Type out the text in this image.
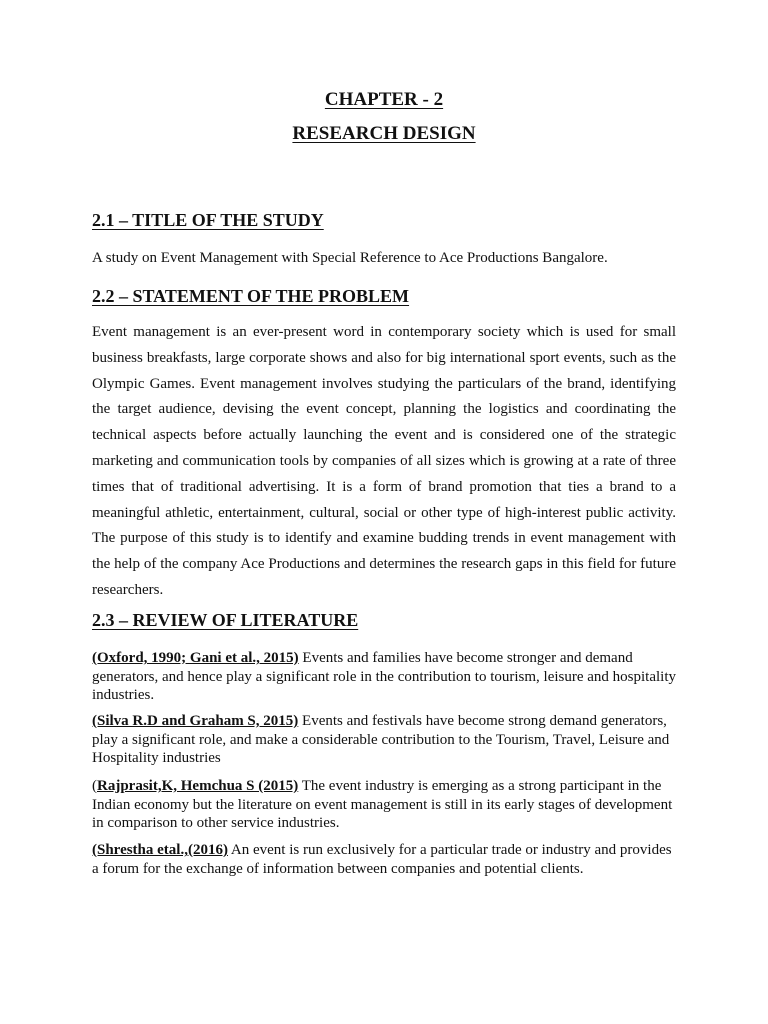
CHAPTER - 2
RESEARCH DESIGN
2.1 – TITLE OF THE STUDY

A study on Event Management with Special Reference to Ace Productions Bangalore.

2.2 – STATEMENT OF THE PROBLEM

Event management is an ever-present word in contemporary society which is used for small business breakfasts, large corporate shows and also for big international sport events, such as the Olympic Games. Event management involves studying the particulars of the brand, identifying the target audience, devising the event concept, planning the logistics and coordinating the technical aspects before actually launching the event and is considered one of the strategic marketing and communication tools by companies of all sizes which is growing at a rate of three times that of traditional advertising. It is a form of brand promotion that ties a brand to a meaningful athletic, entertainment, cultural, social or other type of high-interest public activity. The purpose of this study is to identify and examine budding trends in event management with the help of the company Ace Productions and determines the research gaps in this field for future researchers.

2.3 – REVIEW OF LITERATURE

(Oxford, 1990; Gani et al., 2015) Events and families have become stronger and demand generators, and hence play a significant role in the contribution to tourism, leisure and hospitality industries.

(Silva R.D and Graham S, 2015) Events and festivals have become strong demand generators, play a significant role, and make a considerable contribution to the Tourism, Travel, Leisure and Hospitality industries

(Rajprasit,K, Hemchua S (2015) The event industry is emerging as a strong participant in the Indian economy but the literature on event management is still in its early stages of development in comparison to other service industries.

(Shrestha etal.,(2016) An event is run exclusively for a particular trade or industry and provides a forum for the exchange of information between companies and potential clients.
